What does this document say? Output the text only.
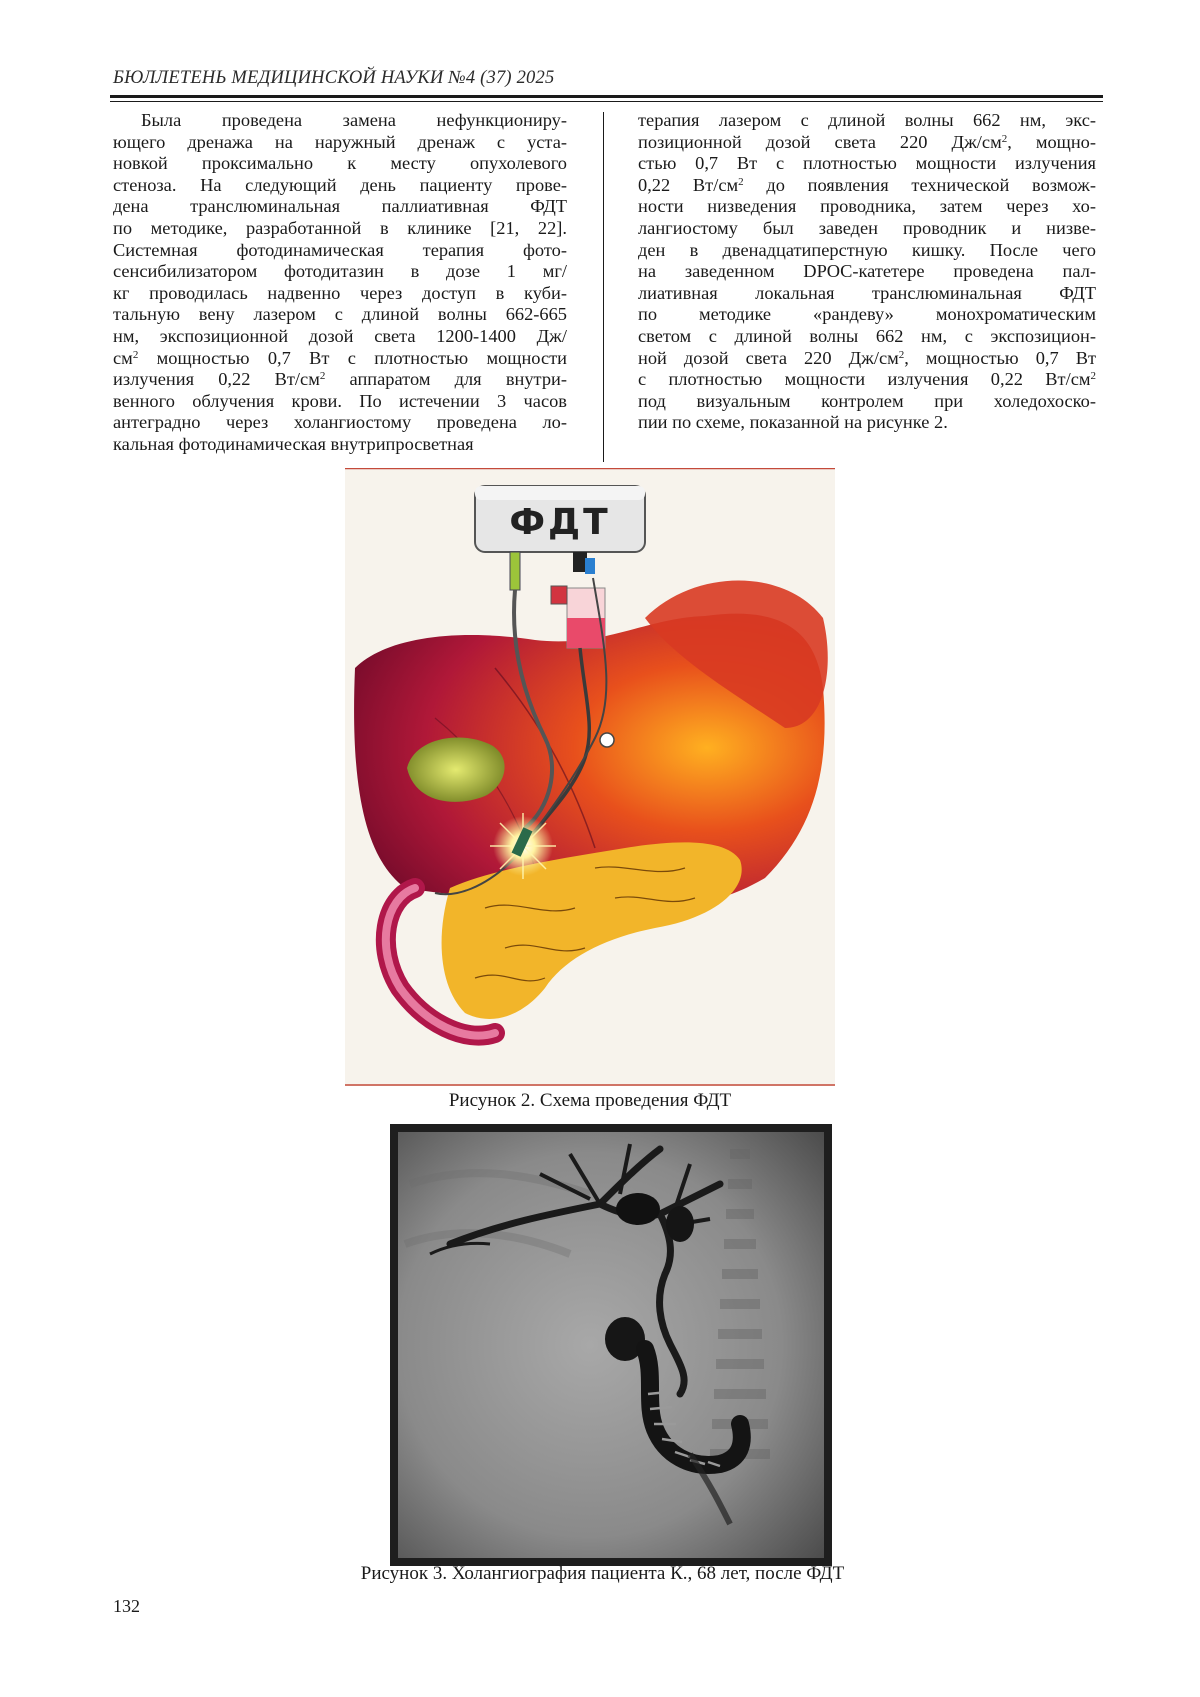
БЮЛЛЕТЕНЬ МЕДИЦИНСКОЙ НАУКИ №4 (37) 2025
Была проведена замена нефункциониру-
ющего дренажа на наружный дренаж с уста-
новкой проксимально к месту опухолевого
стеноза. На следующий день пациенту прове-
дена транслюминальная паллиативная ФДТ
по методике, разработанной в клинике [21, 22].
Системная фотодинамическая терапия фото-
сенсибилизатором фотодитазин в дозе 1 мг/
кг проводилась надвенно через доступ в куби-
тальную вену лазером с длиной волны 662-665
нм, экспозиционной дозой света 1200-1400 Дж/
$см^2$ мощностью 0,7 Вт с плотностью мощности
излучения 0,22 $Вт/см^2$ аппаратом для внутри-
венного облучения крови. По истечении 3 часов
антеградно через холангиостому проведена ло-
кальная фотодинамическая внутрипросветная
терапия лазером с длиной волны 662 нм, экс-
позиционной дозой света 220 $Дж/см^2$, мощно-
стью 0,7 Вт с плотностью мощности излучения
0,22 $Вт/см^2$ до появления технической возмож-
ности низведения проводника, затем через хо-
лангиостому был заведен проводник и низве-
ден в двенадцатиперстную кишку. После чего
на заведенном DPOC-катетере проведена пал-
лиативная локальная транслюминальная ФДТ
по методике «рандеву» монохроматическим
светом с длиной волны 662 нм, с экспозицион-
ной дозой света 220 $Дж/см^2$, мощностью 0,7 Вт
с плотностью мощности излучения 0,22 $Вт/см^2$
под визуальным контролем при холедохоско-
пии по схеме, показанной на рисунке 2.
ФДТ
Рисунок 2. Схема проведения ФДТ
Рисунок 3. Холангиография пациента К., 68 лет, после ФДТ
132
